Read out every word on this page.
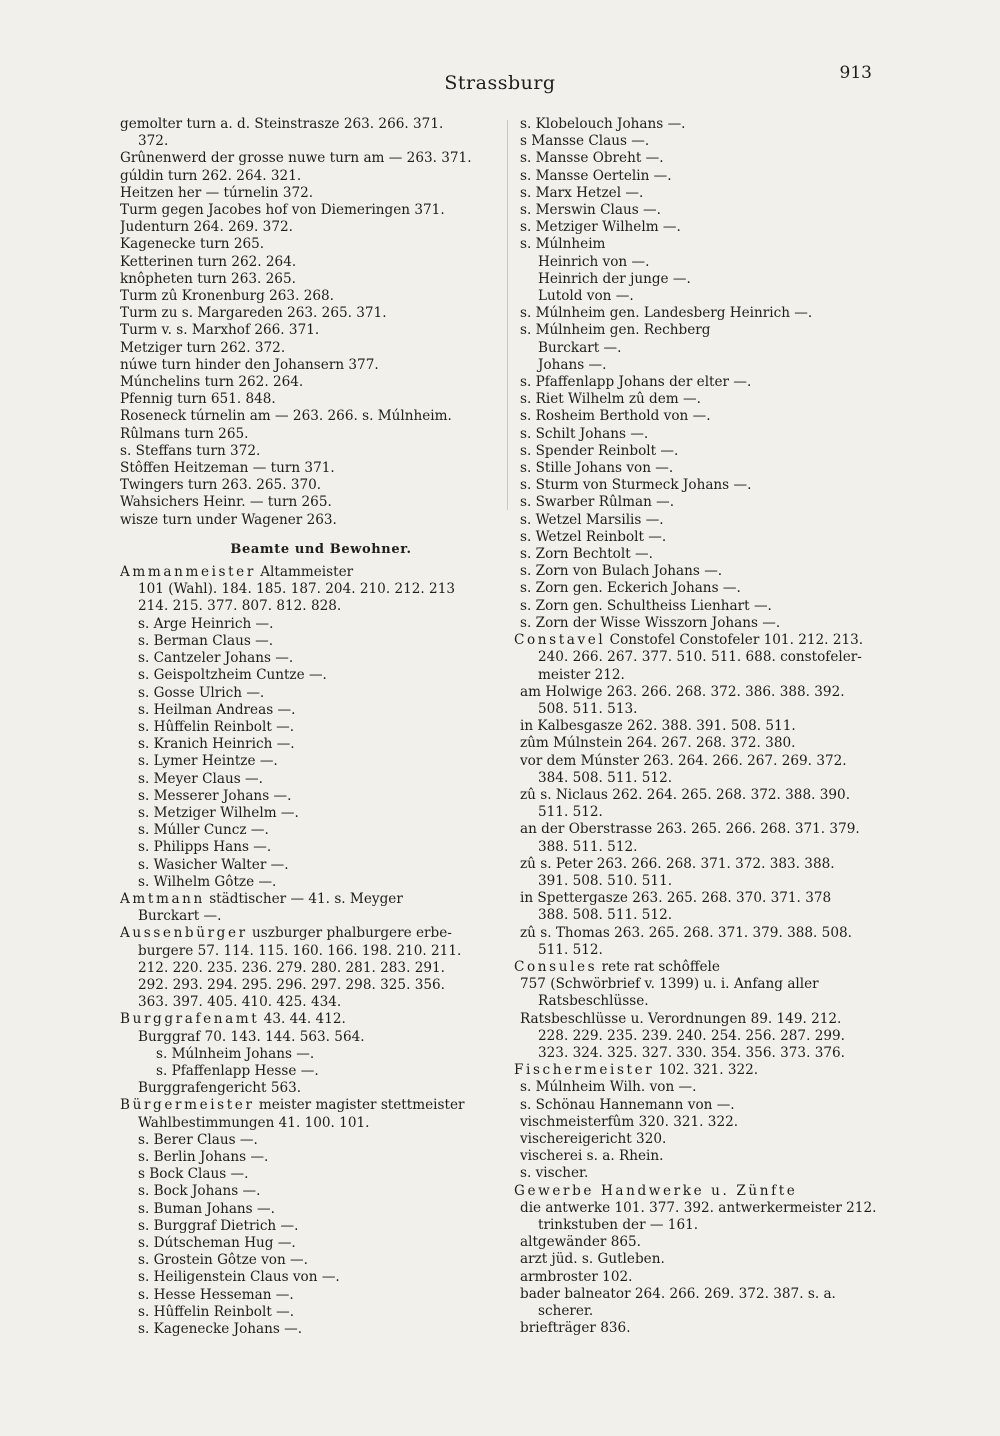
Strassburg	913
gemolter turn a. d. Steinstrasze 263. 266. 371.
372.
Grûnenwerd der grosse nuwe turn am — 263. 371.
gúldin turn 262. 264. 321.
Heitzen her — túrnelin 372.
Turm gegen Jacobes hof von Diemeringen 371.
Judenturn 264. 269. 372.
Kagenecke turn 265.
Ketterinen turn 262. 264.
knôpheten turn 263. 265.
Turm zû Kronenburg 263. 268.
Turm zu s. Margareden 263. 265. 371.
Turm v. s. Marxhof 266. 371.
Metziger turn 262. 372.
núwe turn hinder den Johansern 377.
Múnchelins turn 262. 264.
Pfennig turn 651. 848.
Roseneck túrnelin am — 263. 266. s. Múlnheim.
Rûlmans turn 265.
s. Steffans turn 372.
Stôffen Heitzeman — turn 371.
Twingers turn 263. 265. 370.
Wahsichers Heinr. — turn 265.
wisze turn under Wagener 263.
Beamte und Bewohner.
Ammanmeister Altammeister
101 (Wahl). 184. 185. 187. 204. 210. 212. 213
214. 215. 377. 807. 812. 828.
s. Arge Heinrich —.
s. Berman Claus —.
s. Cantzeler Johans —.
s. Geispoltzheim Cuntze —.
s. Gosse Ulrich —.
s. Heilman Andreas —.
s. Hûffelin Reinbolt —.
s. Kranich Heinrich —.
s. Lymer Heintze —.
s. Meyer Claus —.
s. Messerer Johans —.
s. Metziger Wilhelm —.
s. Múller Cuncz —.
s. Philipps Hans —.
s. Wasicher Walter —.
s. Wilhelm Gôtze —.
Amtmann städtischer — 41. s. Meyger
Burckart —.
Aussenbürger uszburger phalburgere erbe-
burgere 57. 114. 115. 160. 166. 198. 210. 211.
212. 220. 235. 236. 279. 280. 281. 283. 291.
292. 293. 294. 295. 296. 297. 298. 325. 356.
363. 397. 405. 410. 425. 434.
Burggrafenamt 43. 44. 412.
Burggraf 70. 143. 144. 563. 564.
s. Múlnheim Johans —.
s. Pfaffenlapp Hesse —.
Burggrafengericht 563.
Bürgermeister meister magister stettmeister
Wahlbestimmungen 41. 100. 101.
s. Berer Claus —.
s. Berlin Johans —.
s Bock Claus —.
s. Bock Johans —.
s. Buman Johans —.
s. Burggraf Dietrich —.
s. Dútscheman Hug —.
s. Grostein Gôtze von —.
s. Heiligenstein Claus von —.
s. Hesse Hesseman —.
s. Hûffelin Reinbolt —.
s. Kagenecke Johans —.
s. Klobelouch Johans —.
s Mansse Claus —.
s. Mansse Obreht —.
s. Mansse Oertelin —.
s. Marx Hetzel —.
s. Merswin Claus —.
s. Metziger Wilhelm —.
s. Múlnheim
Heinrich von —.
Heinrich der junge —.
Lutold von —.
s. Múlnheim gen. Landesberg Heinrich —.
s. Múlnheim gen. Rechberg
Burckart —.
Johans —.
s. Pfaffenlapp Johans der elter —.
s. Riet Wilhelm zû dem —.
s. Rosheim Berthold von —.
s. Schilt Johans —.
s. Spender Reinbolt —.
s. Stille Johans von —.
s. Sturm von Sturmeck Johans —.
s. Swarber Rûlman —.
s. Wetzel Marsilis —.
s. Wetzel Reinbolt —.
s. Zorn Bechtolt —.
s. Zorn von Bulach Johans —.
s. Zorn gen. Eckerich Johans —.
s. Zorn gen. Schultheiss Lienhart —.
s. Zorn der Wisse Wisszorn Johans —.
Constavel Constofel Constofeler 101. 212. 213.
240. 266. 267. 377. 510. 511. 688. constofeler-
meister 212.
am Holwige 263. 266. 268. 372. 386. 388. 392.
508. 511. 513.
in Kalbesgasze 262. 388. 391. 508. 511.
zûm Múlnstein 264. 267. 268. 372. 380.
vor dem Múnster 263. 264. 266. 267. 269. 372.
384. 508. 511. 512.
zû s. Niclaus 262. 264. 265. 268. 372. 388. 390.
511. 512.
an der Oberstrasse 263. 265. 266. 268. 371. 379.
388. 511. 512.
zû s. Peter 263. 266. 268. 371. 372. 383. 388.
391. 508. 510. 511.
in Spettergasze 263. 265. 268. 370. 371. 378
388. 508. 511. 512.
zû s. Thomas 263. 265. 268. 371. 379. 388. 508.
511. 512.
Consules rete rat schôffele
757 (Schwörbrief v. 1399) u. i. Anfang aller
Ratsbeschlüsse.
Ratsbeschlüsse u. Verordnungen 89. 149. 212.
228. 229. 235. 239. 240. 254. 256. 287. 299.
323. 324. 325. 327. 330. 354. 356. 373. 376.
Fischermeister 102. 321. 322.
s. Múlnheim Wilh. von —.
s. Schönau Hannemann von —.
vischmeisterfûm 320. 321. 322.
vischereigericht 320.
vischerei s. a. Rhein.
s. vischer.
Gewerbe Handwerke u. Zünfte
die antwerke 101. 377. 392. antwerkermeister 212.
trinkstuben der — 161.
altgewänder 865.
arzt jüd. s. Gutleben.
armbroster 102.
bader balneator 264. 266. 269. 372. 387. s. a.
scherer.
briefträger 836.
